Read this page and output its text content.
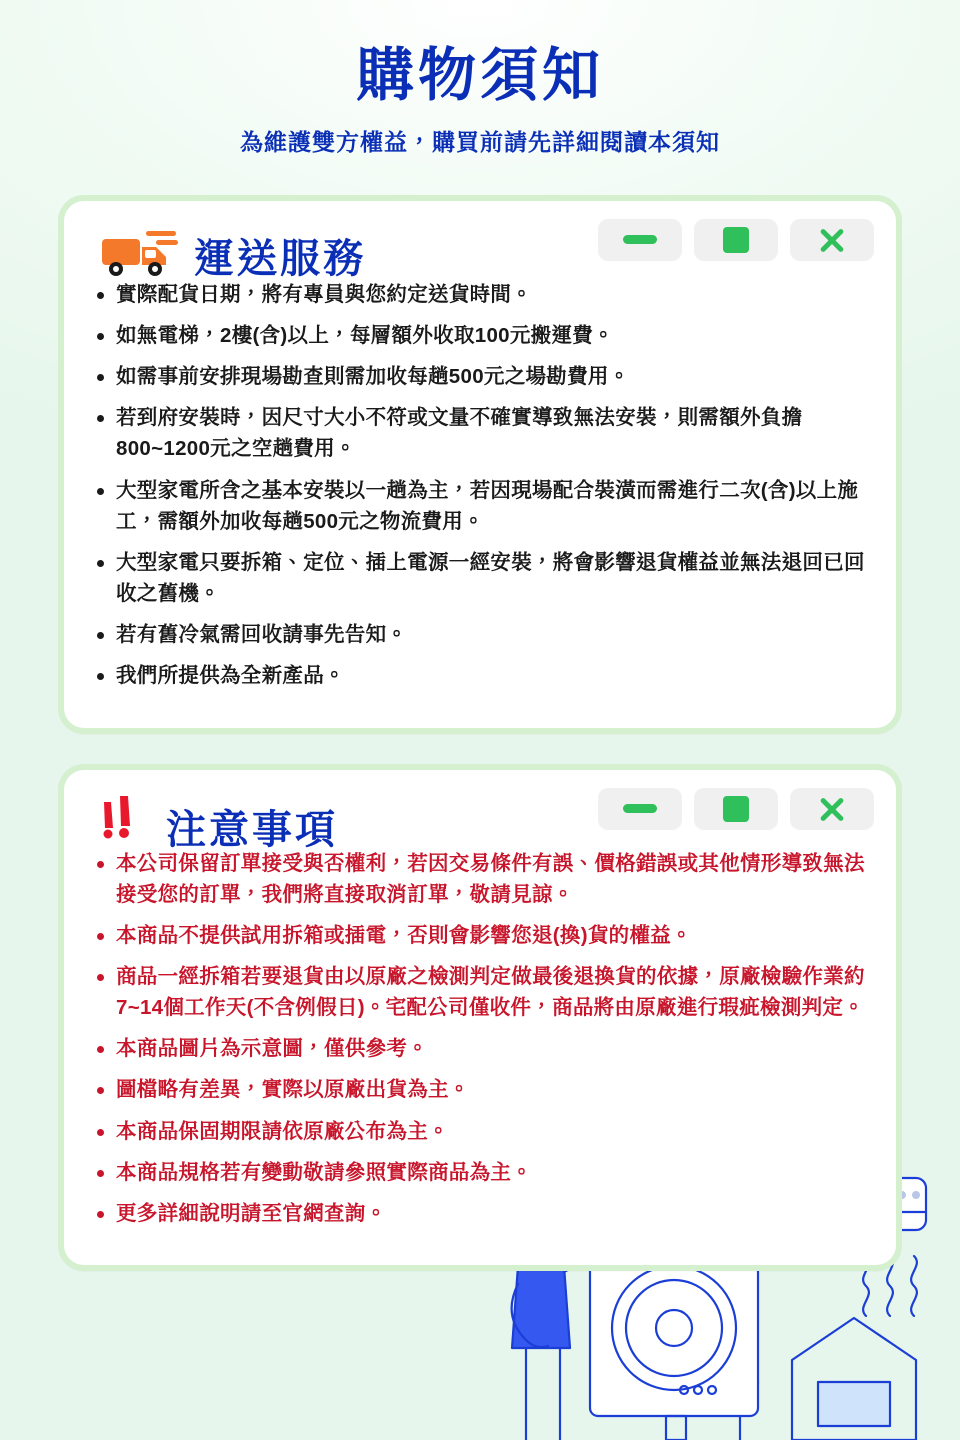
購物須知
為維護雙方權益，購買前請先詳細閱讀本須知
運送服務
實際配貨日期，將有專員與您約定送貨時間。
如無電梯，2樓(含)以上，每層額外收取100元搬運費。
如需事前安排現場勘查則需加收每趟500元之場勘費用。
若到府安裝時，因尺寸大小不符或文量不確實導致無法安裝，則需額外負擔800~1200元之空趟費用。
大型家電所含之基本安裝以一趟為主，若因現場配合裝潢而需進行二次(含)以上施工，需額外加收每趟500元之物流費用。
大型家電只要拆箱、定位、插上電源一經安裝，將會影響退貨權益並無法退回已回收之舊機。
若有舊冷氣需回收請事先告知。
我們所提供為全新產品。
注意事項
本公司保留訂單接受與否權利，若因交易條件有誤、價格錯誤或其他情形導致無法接受您的訂單，我們將直接取消訂單，敬請見諒。
本商品不提供試用拆箱或插電，否則會影響您退(換)貨的權益。
商品一經拆箱若要退貨由以原廠之檢測判定做最後退換貨的依據，原廠檢驗作業約7~14個工作天(不含例假日)。宅配公司僅收件，商品將由原廠進行瑕疵檢測判定。
本商品圖片為示意圖，僅供參考。
圖檔略有差異，實際以原廠出貨為主。
本商品保固期限請依原廠公布為主。
本商品規格若有變動敬請參照實際商品為主。
更多詳細說明請至官網查詢。
